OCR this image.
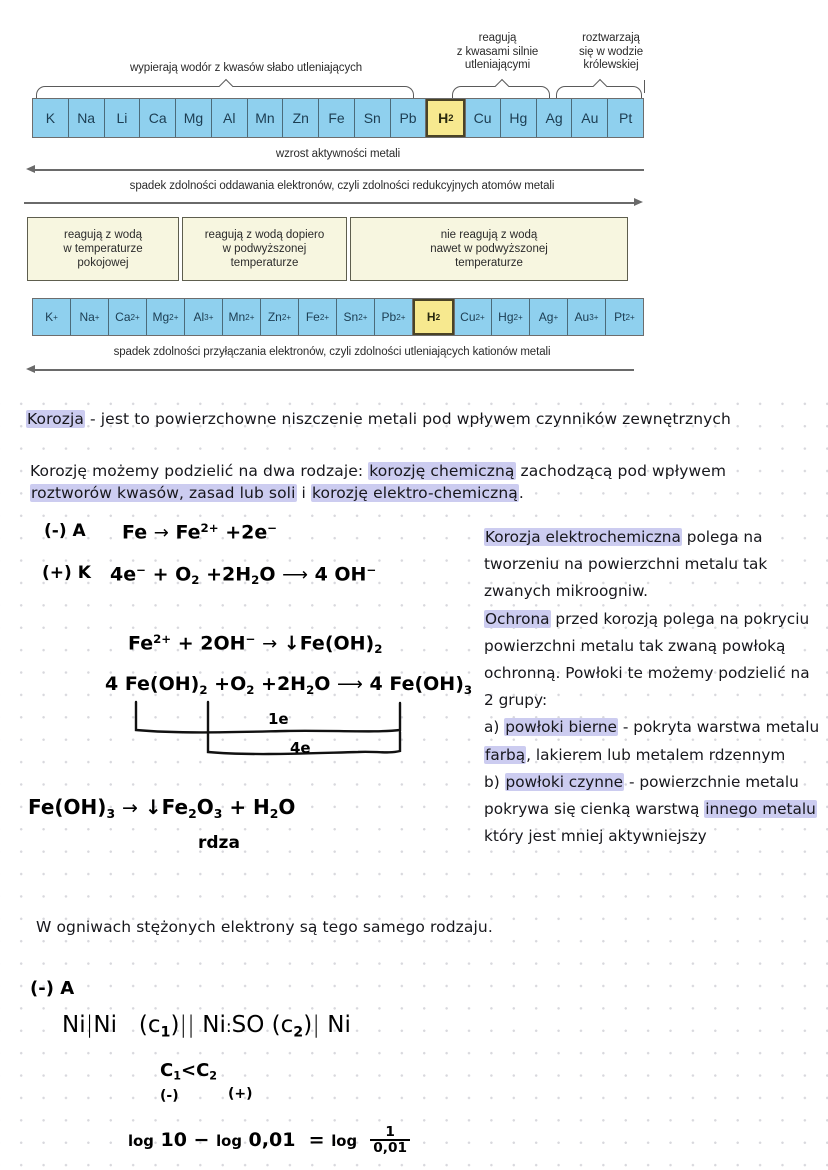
wypierają wodór z kwasów słabo utleniających
reagują
z kwasami silnie
utleniającymi
roztwarzają
się w wodzie
królewskiej
K	Na	Li	Ca	Mg	Al	Mn	Zn	Fe	Sn	Pb	H 2	Cu	Hg	Ag	Au	Pt
wzrost aktywności metali
spadek zdolności oddawania elektronów, czyli zdolności redukcyjnych atomów metali
reagują z wodą
w temperaturze
pokojowej
reagują z wodą dopiero
w podwyższonej
temperaturze
nie reagują z wodą
nawet w podwyższonej
temperaturze
K +	Na +	Ca 2+	Mg 2+	Al 3+	Mn 2+	Zn 2+	Fe 2+	Sn 2+	Pb 2+	H 2	Cu 2+	Hg 2+	Ag +	Au 3+	Pt 2+
spadek zdolności przyłączania elektronów, czyli zdolności utleniających kationów metali
Korozja - jest to powierzchowne niszczenie metali pod wpływem czynników zewnętrznych
Korozję możemy podzielić na dwa rodzaje: korozję chemiczną zachodzącą pod wpływem
roztworów kwasów, zasad lub soli i korozję elektro-chemiczną.
Korozja elektrochemiczna polega na tworzeniu na powierzchni metalu tak zwanych mikroogniw.
Ochrona przed korozją polega na pokryciu powierzchni metalu tak zwaną powłoką ochronną. Powłoki te możemy podzielić na 2 grupy:
a) powłoki bierne - pokryta warstwa metalu farbą, lakierem lub metalem rdzennym
b) powłoki czynne - powierzchnie metalu pokrywa się cienką warstwą innego metalu który jest mniej aktywniejszy
(-) A $Fe \to Fe^{2+} +2e^-$
(+) K $4e^- + O_2 +2H_2O$ ⟶ 4 OH−
$Fe^{2+} + 2OH^-$ → $↓Fe(OH)_2$
4 $Fe(OH)_2 +O_2 +2H_2O$ ⟶ 4 $Fe(OH)_3$
1e
4e
$Fe(OH)_3$ → $↓Fe_2O_3 + H_2O$
rdza
W ogniwach stężonych elektrony są tego samego rodzaju.
(-) A
Ni|Ni   $(c_1)||$ Ni:SO $(c_2)|$ Ni
$C_1<C_2$
(-)	(+)
$\log 10 - \log 0,01 = \log \frac{1}{0,01}$
